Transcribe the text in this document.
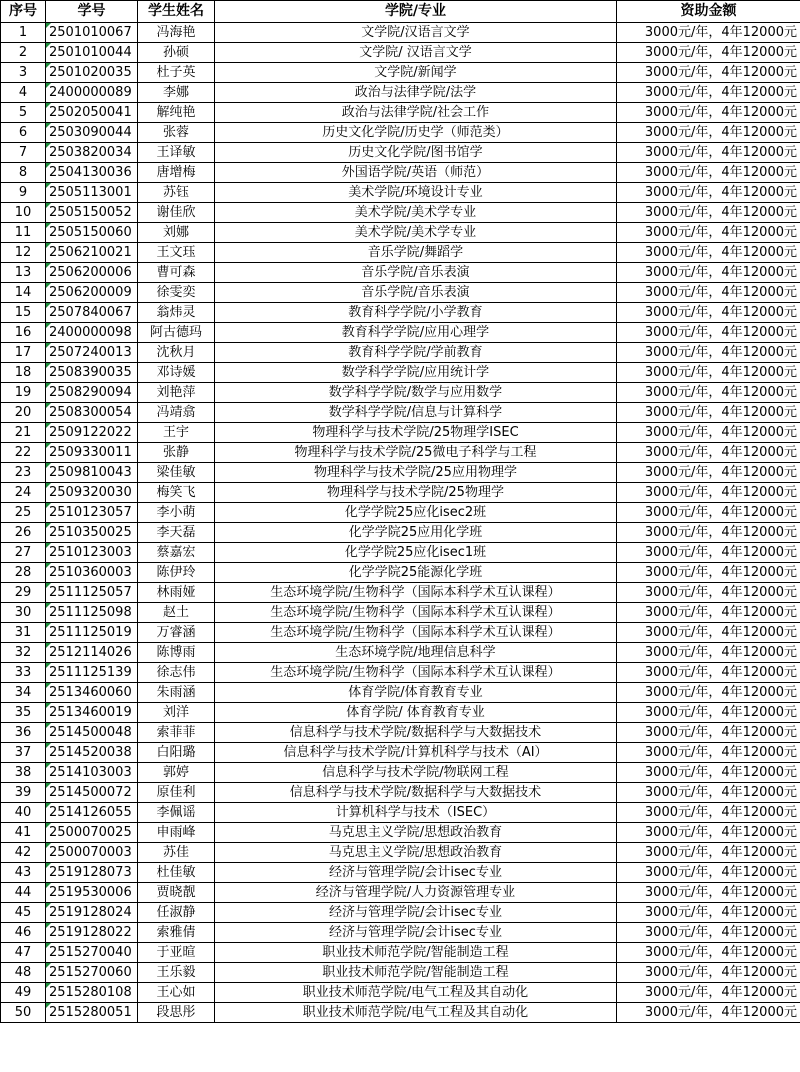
序号	学号	学生姓名	学院/专业	资助金额
1	2501010067	冯海艳	文学院/汉语言文学	3000元/年，4年12000元
2	2501010044	孙硕	文学院/ 汉语言文学	3000元/年，4年12000元
3	2501020035	杜子英	文学院/新闻学	3000元/年，4年12000元
4	2400000089	李娜	政治与法律学院/法学	3000元/年，4年12000元
5	2502050041	解纯艳	政治与法律学院/社会工作	3000元/年，4年12000元
6	2503090044	张蓉	历史文化学院/历史学（师范类）	3000元/年，4年12000元
7	2503820034	王译敏	历史文化学院/图书馆学	3000元/年，4年12000元
8	2504130036	唐增梅	外国语学院/英语（师范）	3000元/年，4年12000元
9	2505113001	苏钰	美术学院/环境设计专业	3000元/年，4年12000元
10	2505150052	谢佳欣	美术学院/美术学专业	3000元/年，4年12000元
11	2505150060	刘娜	美术学院/美术学专业	3000元/年，4年12000元
12	2506210021	王文珏	音乐学院/舞蹈学	3000元/年，4年12000元
13	2506200006	曹可森	音乐学院/音乐表演	3000元/年，4年12000元
14	2506200009	徐雯奕	音乐学院/音乐表演	3000元/年，4年12000元
15	2507840067	翁炜灵	教育科学学院/小学教育	3000元/年，4年12000元
16	2400000098	阿古德玛	教育科学学院/应用心理学	3000元/年，4年12000元
17	2507240013	沈秋月	教育科学学院/学前教育	3000元/年，4年12000元
18	2508390035	邓诗媛	数学科学学院/应用统计学	3000元/年，4年12000元
19	2508290094	刘艳萍	数学科学学院/数学与应用数学	3000元/年，4年12000元
20	2508300054	冯靖翕	数学科学学院/信息与计算科学	3000元/年，4年12000元
21	2509122022	王宇	物理科学与技术学院/25物理学ISEC	3000元/年，4年12000元
22	2509330011	张静	物理科学与技术学院/25微电子科学与工程	3000元/年，4年12000元
23	2509810043	梁佳敏	物理科学与技术学院/25应用物理学	3000元/年，4年12000元
24	2509320030	梅笑飞	物理科学与技术学院/25物理学	3000元/年，4年12000元
25	2510123057	李小萌	化学学院25应化isec2班	3000元/年，4年12000元
26	2510350025	李天磊	化学学院25应用化学班	3000元/年，4年12000元
27	2510123003	蔡嘉宏	化学学院25应化isec1班	3000元/年，4年12000元
28	2510360003	陈伊玲	化学学院25能源化学班	3000元/年，4年12000元
29	2511125057	林雨娅	生态环境学院/生物科学（国际本科学术互认课程）	3000元/年，4年12000元
30	2511125098	赵土	生态环境学院/生物科学（国际本科学术互认课程）	3000元/年，4年12000元
31	2511125019	万睿涵	生态环境学院/生物科学（国际本科学术互认课程）	3000元/年，4年12000元
32	2512114026	陈博雨	生态环境学院/地理信息科学	3000元/年，4年12000元
33	2511125139	徐志伟	生态环境学院/生物科学（国际本科学术互认课程）	3000元/年，4年12000元
34	2513460060	朱雨涵	体育学院/体育教育专业	3000元/年，4年12000元
35	2513460019	刘洋	体育学院/ 体育教育专业	3000元/年，4年12000元
36	2514500048	索菲菲	信息科学与技术学院/数据科学与大数据技术	3000元/年，4年12000元
37	2514520038	白阳璐	信息科学与技术学院/计算机科学与技术（AI）	3000元/年，4年12000元
38	2514103003	郭婷	信息科学与技术学院/物联网工程	3000元/年，4年12000元
39	2514500072	原佳利	信息科学与技术学院/数据科学与大数据技术	3000元/年，4年12000元
40	2514126055	李佩谣	计算机科学与技术（ISEC）	3000元/年，4年12000元
41	2500070025	申雨峰	马克思主义学院/思想政治教育	3000元/年，4年12000元
42	2500070003	苏佳	马克思主义学院/思想政治教育	3000元/年，4年12000元
43	2519128073	杜佳敏	经济与管理学院/会计isec专业	3000元/年，4年12000元
44	2519530006	贾晓靓	经济与管理学院/人力资源管理专业	3000元/年，4年12000元
45	2519128024	任淑静	经济与管理学院/会计isec专业	3000元/年，4年12000元
46	2519128022	索雅倩	经济与管理学院/会计isec专业	3000元/年，4年12000元
47	2515270040	于亚暄	职业技术师范学院/智能制造工程	3000元/年，4年12000元
48	2515270060	王乐毅	职业技术师范学院/智能制造工程	3000元/年，4年12000元
49	2515280108	王心如	职业技术师范学院/电气工程及其自动化	3000元/年，4年12000元
50	2515280051	段思彤	职业技术师范学院/电气工程及其自动化	3000元/年，4年12000元
